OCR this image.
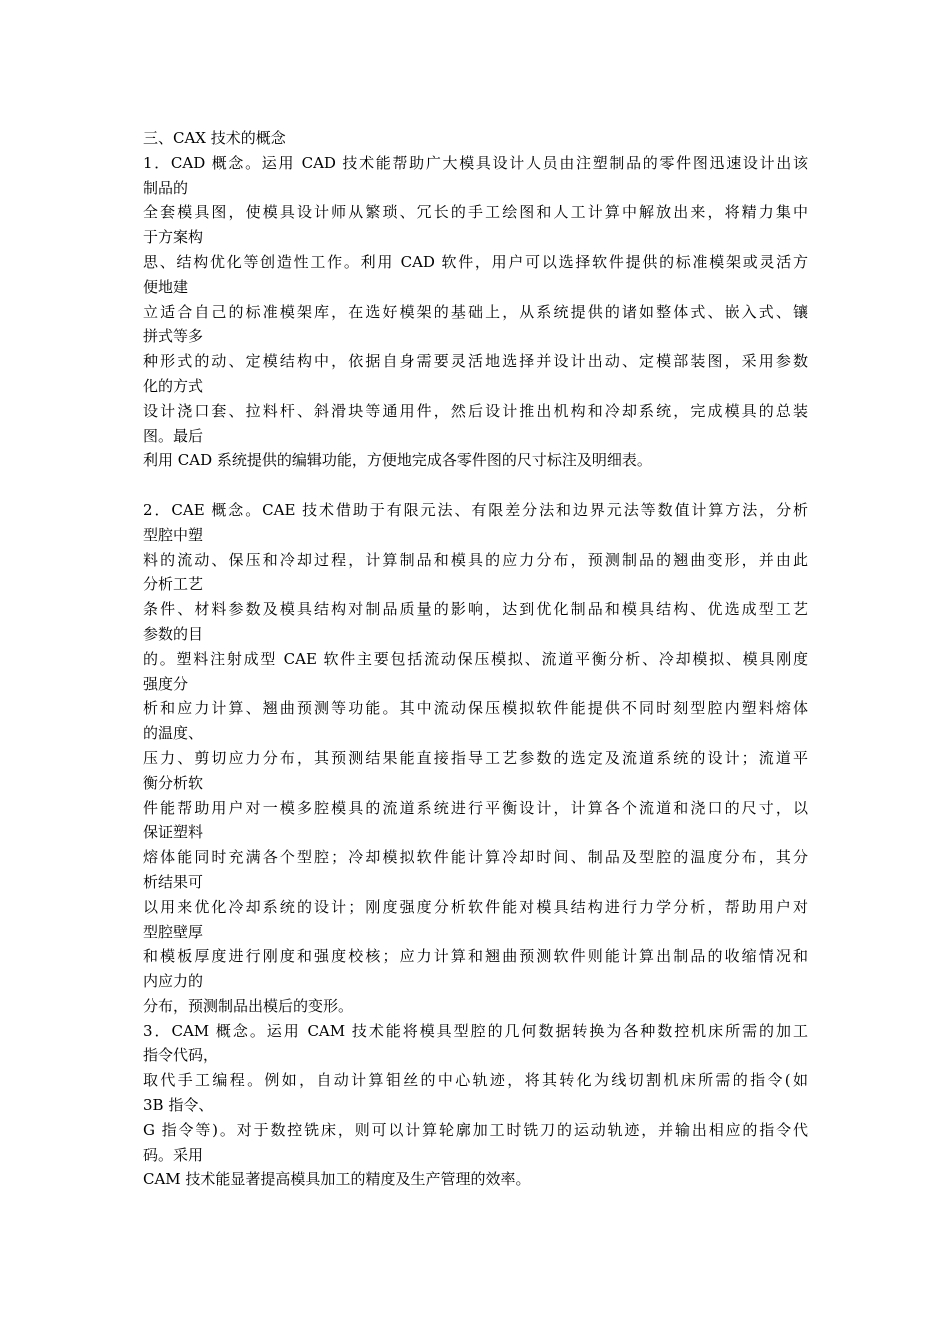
三、CAX 技术的概念
1．CAD 概念。运用 CAD 技术能帮助广大模具设计人员由注塑制品的零件图迅速设计出该
制品的
全套模具图，使模具设计师从繁琐、冗长的手工绘图和人工计算中解放出来，将精力集中
于方案构
思、结构优化等创造性工作。利用 CAD 软件，用户可以选择软件提供的标准模架或灵活方
便地建
立适合自己的标准模架库，在选好模架的基础上，从系统提供的诸如整体式、嵌入式、镶
拼式等多
种形式的动、定模结构中，依据自身需要灵活地选择并设计出动、定模部装图，采用参数
化的方式
设计浇口套、拉料杆、斜滑块等通用件，然后设计推出机构和冷却系统，完成模具的总装
图。最后
利用 CAD 系统提供的编辑功能，方便地完成各零件图的尺寸标注及明细表。
2．CAE 概念。CAE 技术借助于有限元法、有限差分法和边界元法等数值计算方法，分析
型腔中塑
料的流动、保压和冷却过程，计算制品和模具的应力分布，预测制品的翘曲变形，并由此
分析工艺
条件、材料参数及模具结构对制品质量的影响，达到优化制品和模具结构、优选成型工艺
参数的目
的。塑料注射成型 CAE 软件主要包括流动保压模拟、流道平衡分析、冷却模拟、模具刚度
强度分
析和应力计算、翘曲预测等功能。其中流动保压模拟软件能提供不同时刻型腔内塑料熔体
的温度、
压力、剪切应力分布，其预测结果能直接指导工艺参数的选定及流道系统的设计；流道平
衡分析软
件能帮助用户对一模多腔模具的流道系统进行平衡设计，计算各个流道和浇口的尺寸，以
保证塑料
熔体能同时充满各个型腔；冷却模拟软件能计算冷却时间、制品及型腔的温度分布，其分
析结果可
以用来优化冷却系统的设计；刚度强度分析软件能对模具结构进行力学分析，帮助用户对
型腔壁厚
和模板厚度进行刚度和强度校核；应力计算和翘曲预测软件则能计算出制品的收缩情况和
内应力的
分布，预测制品出模后的变形。
3．CAM 概念。运用 CAM 技术能将模具型腔的几何数据转换为各种数控机床所需的加工
指令代码，
取代手工编程。例如，自动计算钼丝的中心轨迹，将其转化为线切割机床所需的指令(如
3B 指令、
G 指令等)。对于数控铣床，则可以计算轮廓加工时铣刀的运动轨迹，并输出相应的指令代
码。采用
CAM 技术能显著提高模具加工的精度及生产管理的效率。
